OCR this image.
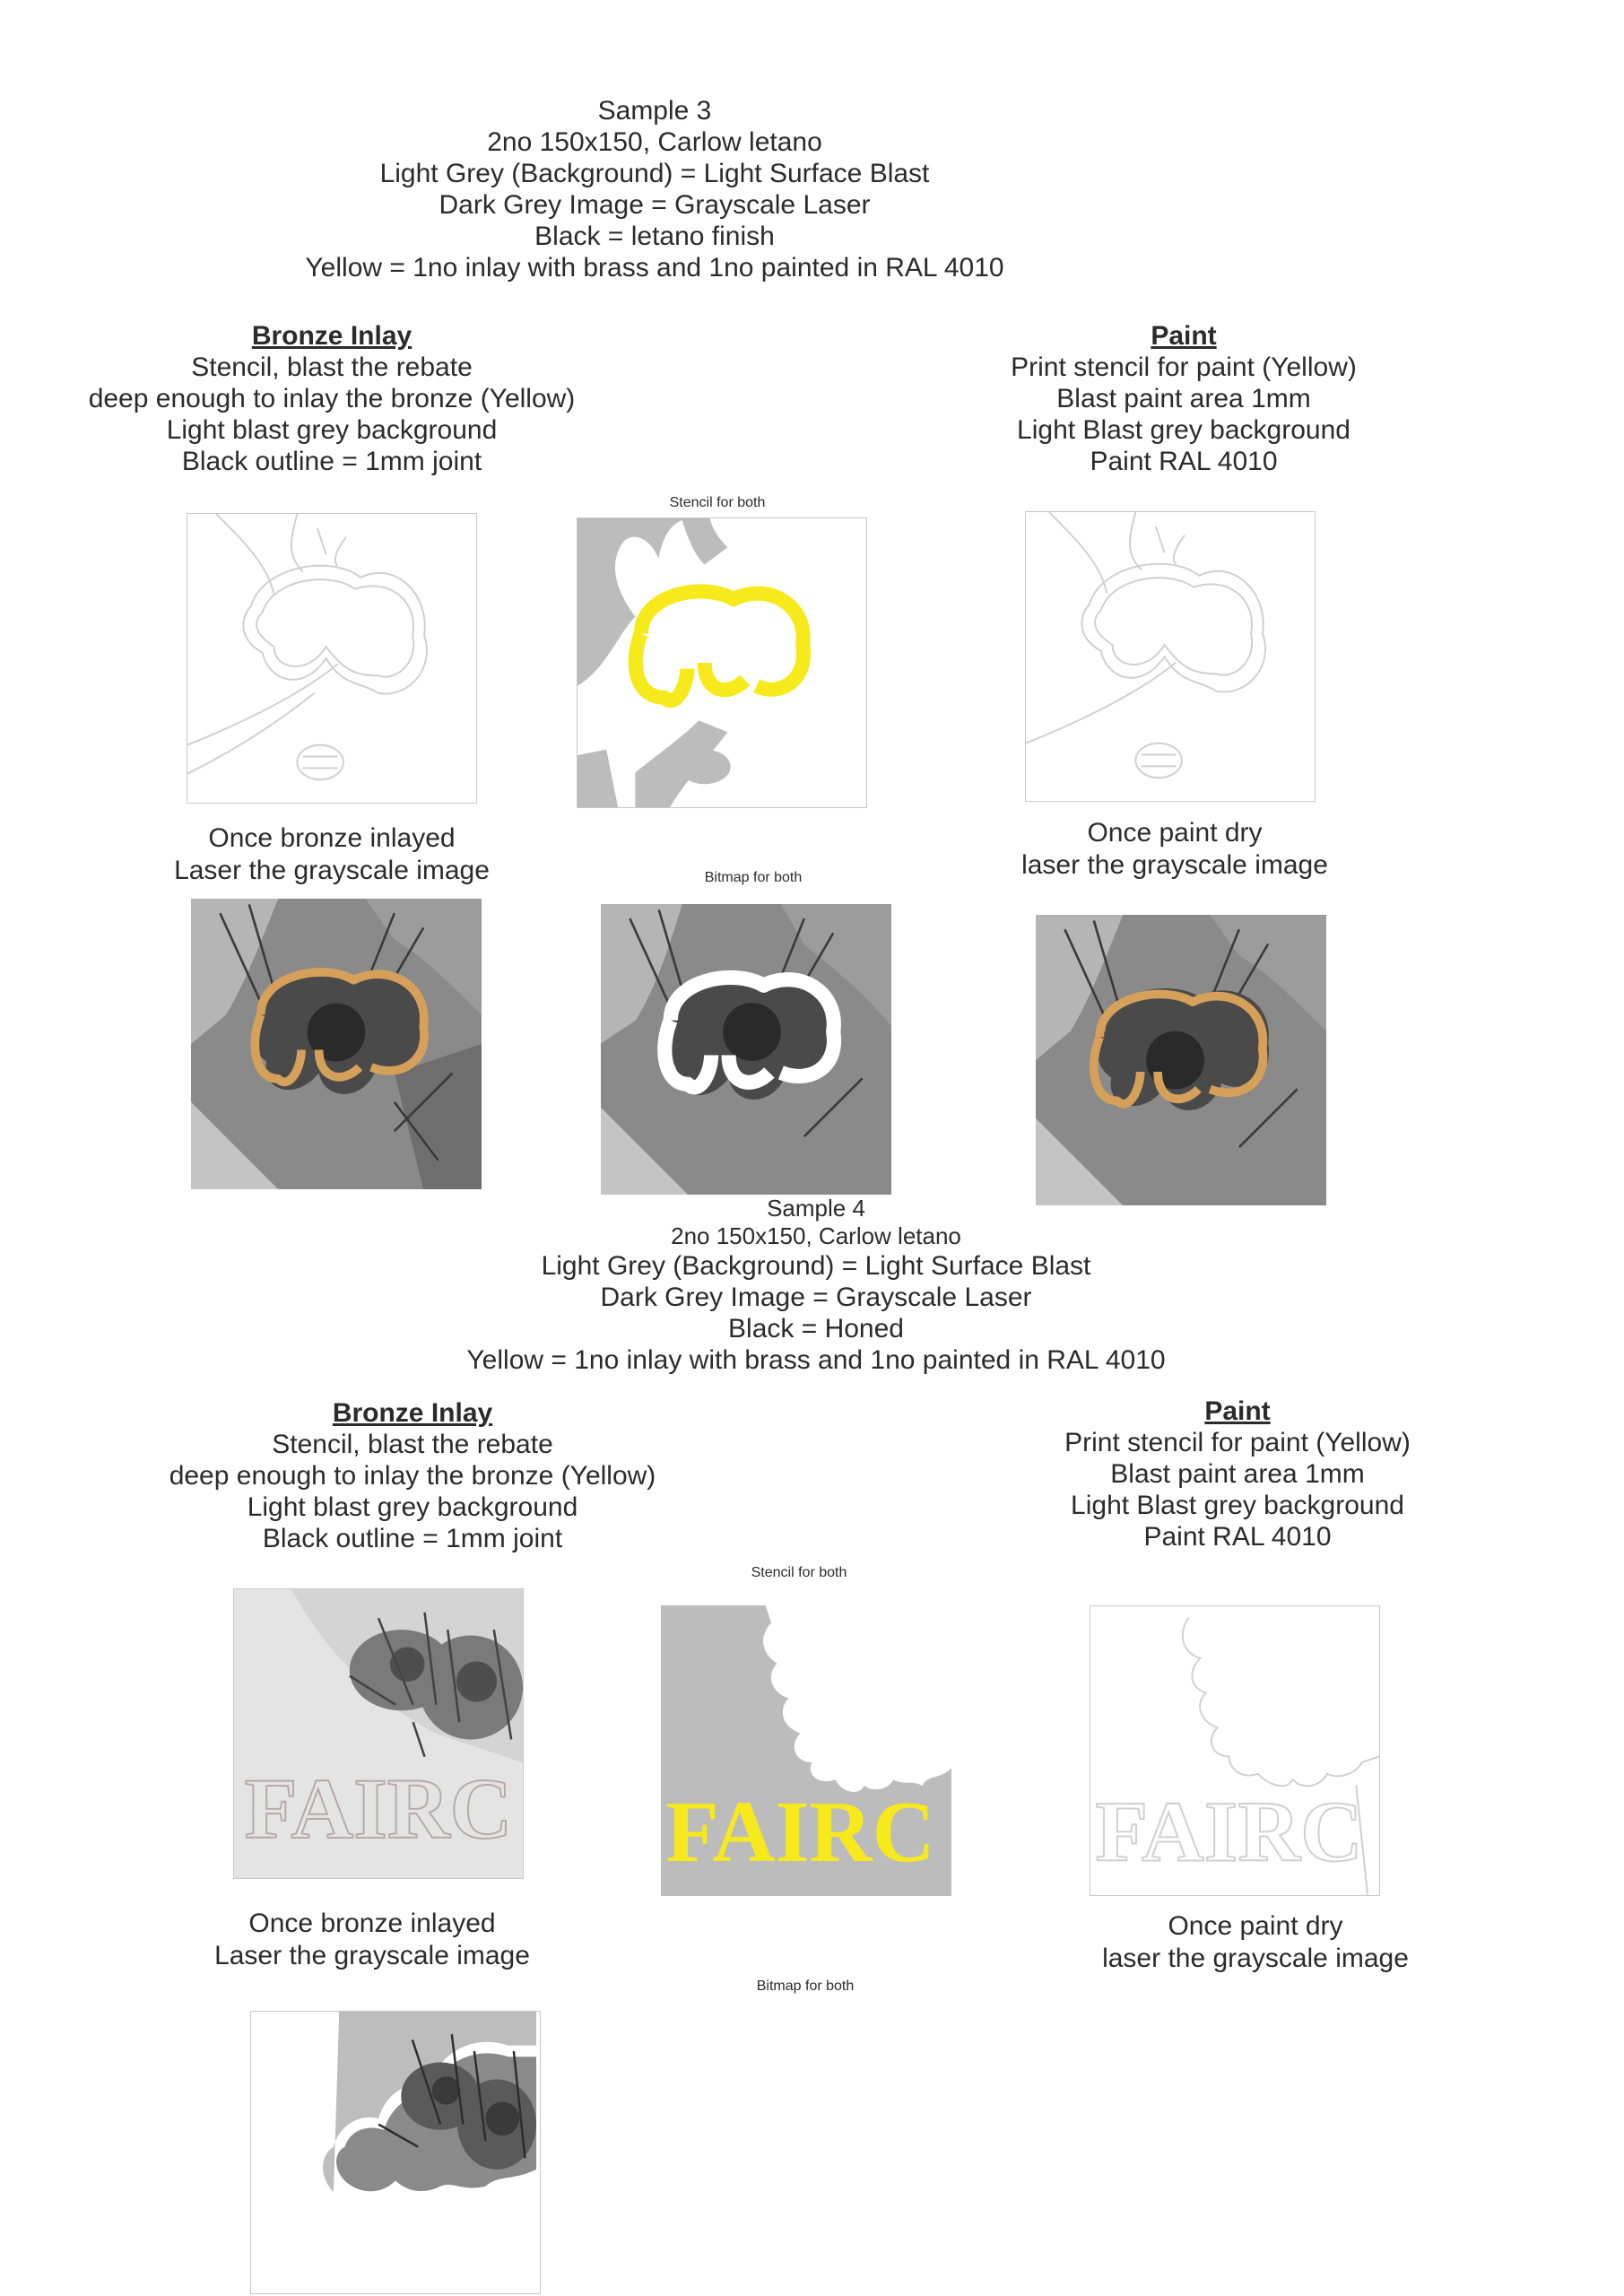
Sample 3
2no 150x150, Carlow letano
Light Grey (Background) = Light Surface Blast
Dark Grey Image = Grayscale Laser
Black = letano finish
Yellow = 1no inlay with brass and 1no painted in RAL 4010
Bronze Inlay
Stencil, blast the rebate
deep enough to inlay the bronze (Yellow)
Light blast grey background
Black outline = 1mm joint
Paint
Print stencil for paint (Yellow)
Blast paint area 1mm
Light Blast grey background
Paint RAL 4010
Stencil for both
Once bronze inlayed
Laser the grayscale image	Bitmap for both
Once paint dry
laser the grayscale image
Sample 4
2no 150x150, Carlow letano
Light Grey (Background) = Light Surface Blast
Dark Grey Image = Grayscale Laser
Black = Honed
Yellow = 1no inlay with brass and 1no painted in RAL 4010
Bronze Inlay
Stencil, blast the rebate
deep enough to inlay the bronze (Yellow)
Light blast grey background
Black outline = 1mm joint
Paint
Print stencil for paint (Yellow)
Blast paint area 1mm
Light Blast grey background
Paint RAL 4010
Stencil for both
FAIRC	FAIRC	FAIRC
Once bronze inlayed
Laser the grayscale image
Bitmap for both
Once paint dry
laser the grayscale image
